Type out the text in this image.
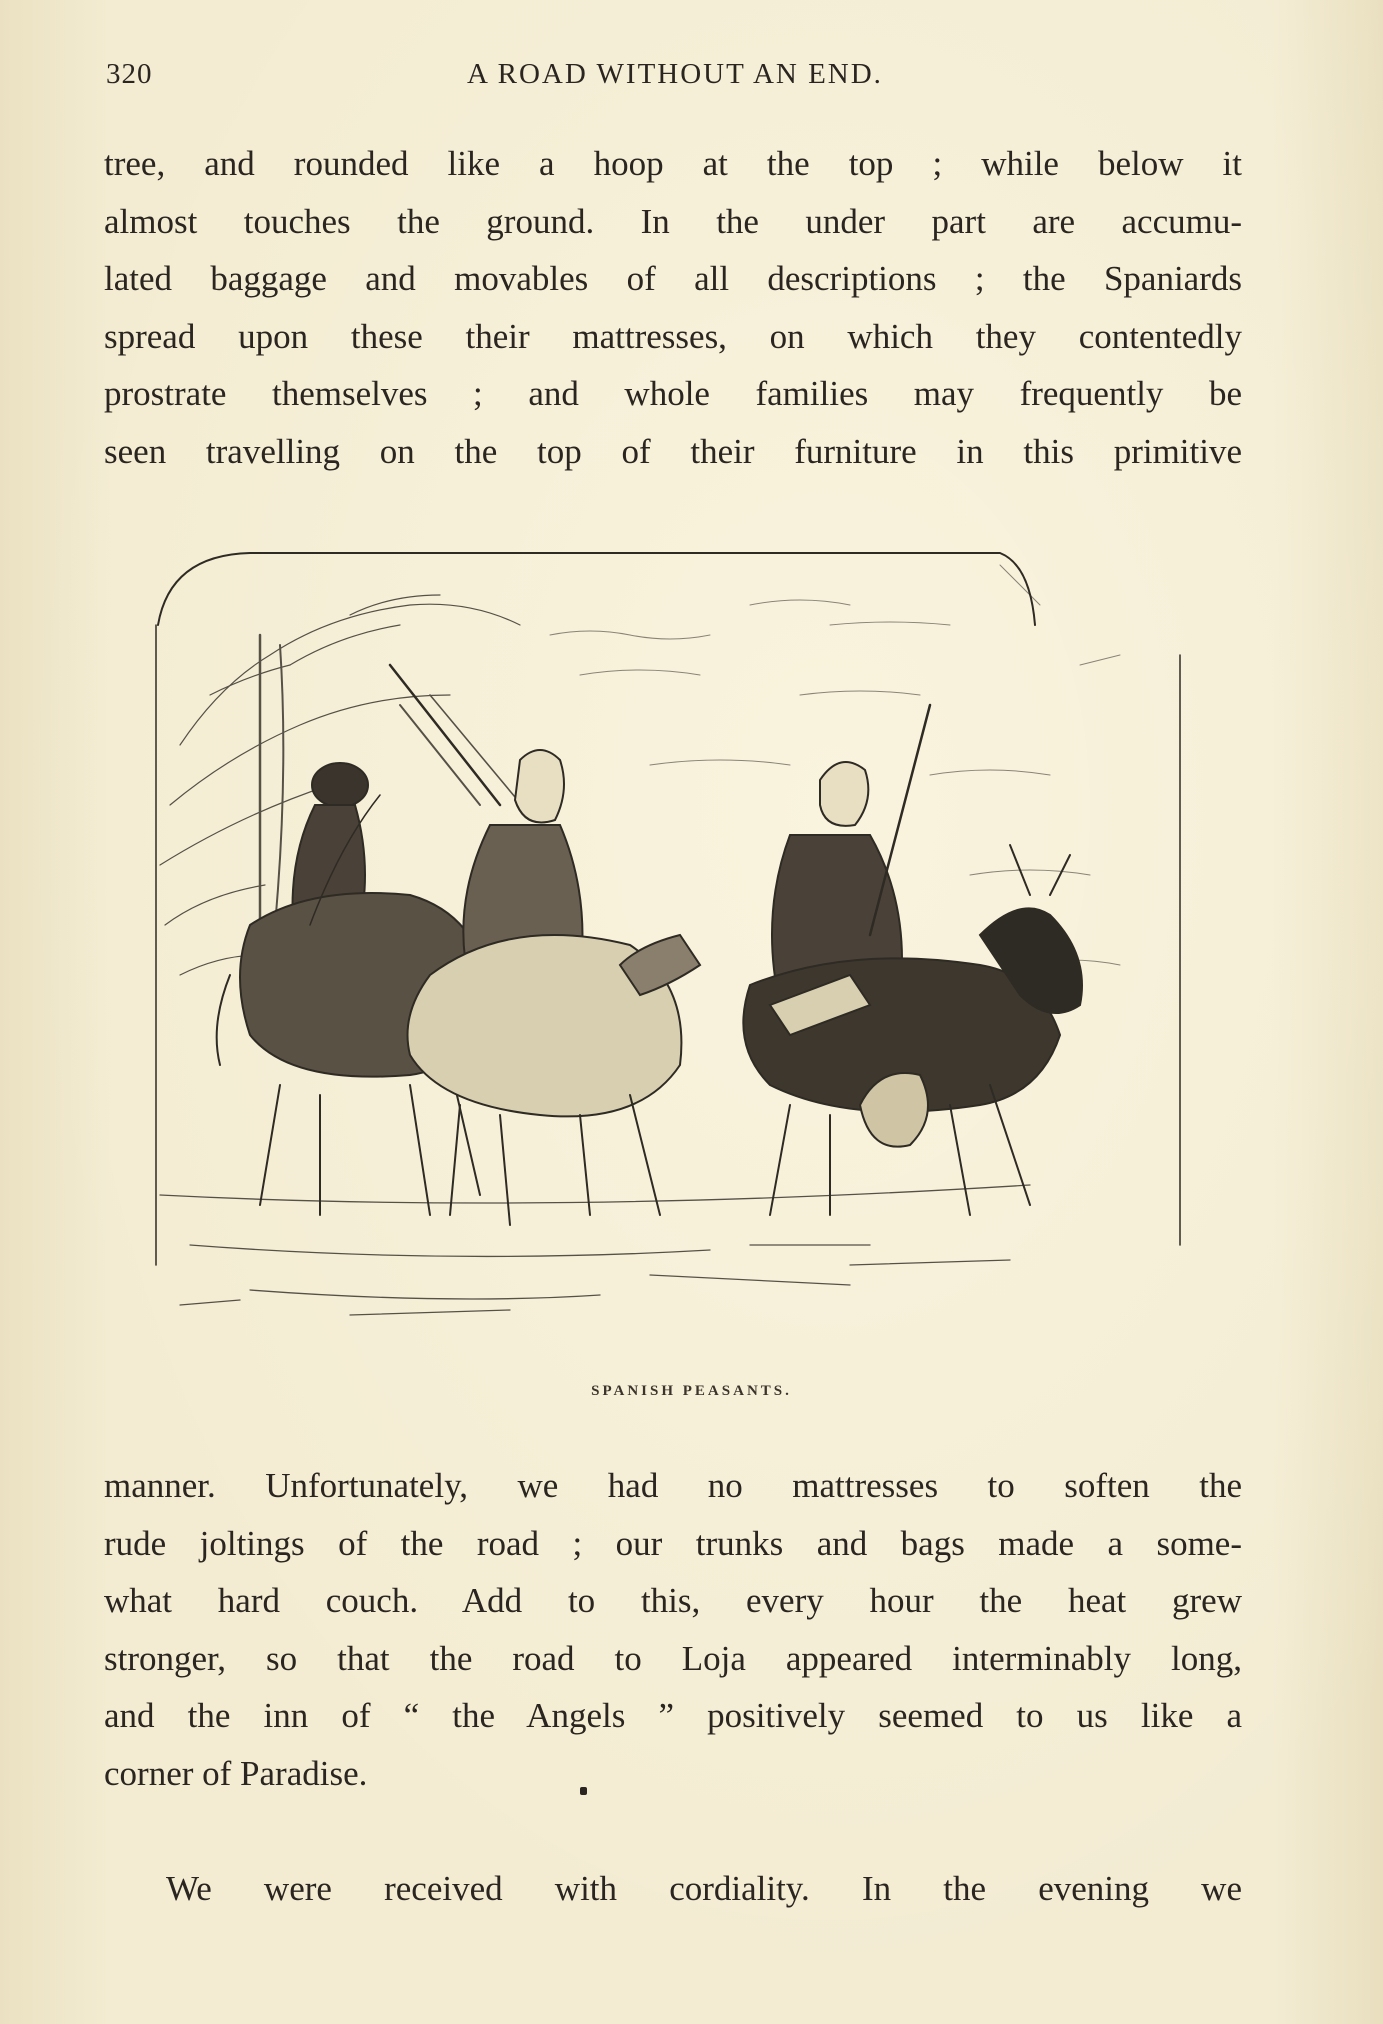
320	A ROAD WITHOUT AN END.
tree, and rounded like a hoop at the top ; while below it
almost touches the ground. In the under part are accumu-
lated baggage and movables of all descriptions ; the Spaniards
spread upon these their mattresses, on which they contentedly
prostrate themselves ; and whole families may frequently be
seen travelling on the top of their furniture in this primitive
SPANISH PEASANTS.
manner. Unfortunately, we had no mattresses to soften the
rude joltings of the road ; our trunks and bags made a some-
what hard couch. Add to this, every hour the heat grew
stronger, so that the road to Loja appeared interminably long,
and the inn of “ the Angels ” positively seemed to us like a
corner of Paradise.
We were received with cordiality. In the evening we
